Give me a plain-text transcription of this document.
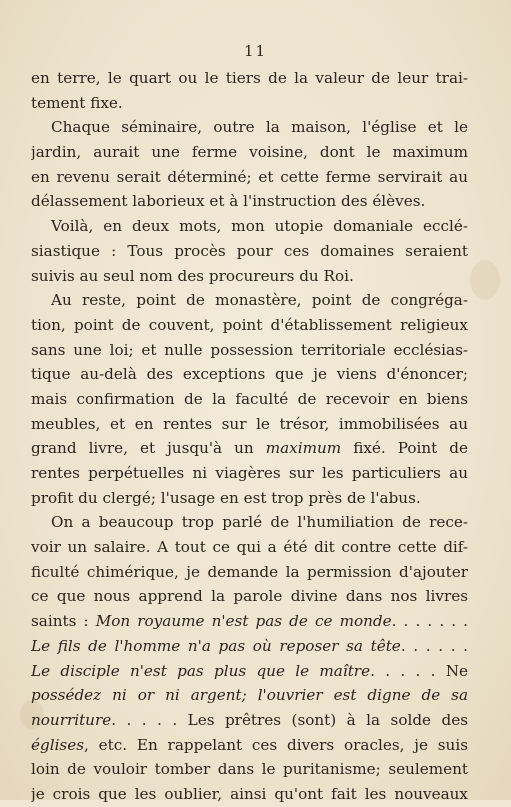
11
en terre, le quart ou le tiers de la valeur de leur trai-
tement fixe.
Chaque séminaire, outre la maison, l'église et le
jardin, aurait une ferme voisine, dont le maximum
en revenu serait déterminé; et cette ferme servirait au
délassement laborieux et à l'instruction des élèves.
Voilà, en deux mots, mon utopie domaniale ecclé-
siastique : Tous procès pour ces domaines seraient
suivis au seul nom des procureurs du Roi.
Au reste, point de monastère, point de congréga-
tion, point de couvent, point d'établissement religieux
sans une loi; et nulle possession territoriale ecclésias-
tique au-delà des exceptions que je viens d'énoncer;
mais confirmation de la faculté de recevoir en biens
meubles, et en rentes sur le trésor, immobilisées au
grand livre, et jusqu'à un maximum fixé. Point de
rentes perpétuelles ni viagères sur les particuliers au
profit du clergé; l'usage en est trop près de l'abus.
On a beaucoup trop parlé de l'humiliation de rece-
voir un salaire. A tout ce qui a été dit contre cette dif-
ficulté chimérique, je demande la permission d'ajouter
ce que nous apprend la parole divine dans nos livres
saints : Mon royaume n'est pas de ce monde. . . . . . .
Le fils de l'homme n'a pas où reposer sa tête. . . . . .
Le disciple n'est pas plus que le maître. . . . . Ne
possédez ni or ni argent; l'ouvrier est digne de sa
nourriture. . . . . Les prêtres (sont) à la solde des
églises, etc. En rappelant ces divers oracles, je suis
loin de vouloir tomber dans le puritanisme; seulement
je crois que les oublier, ainsi qu'ont fait les nouveaux
